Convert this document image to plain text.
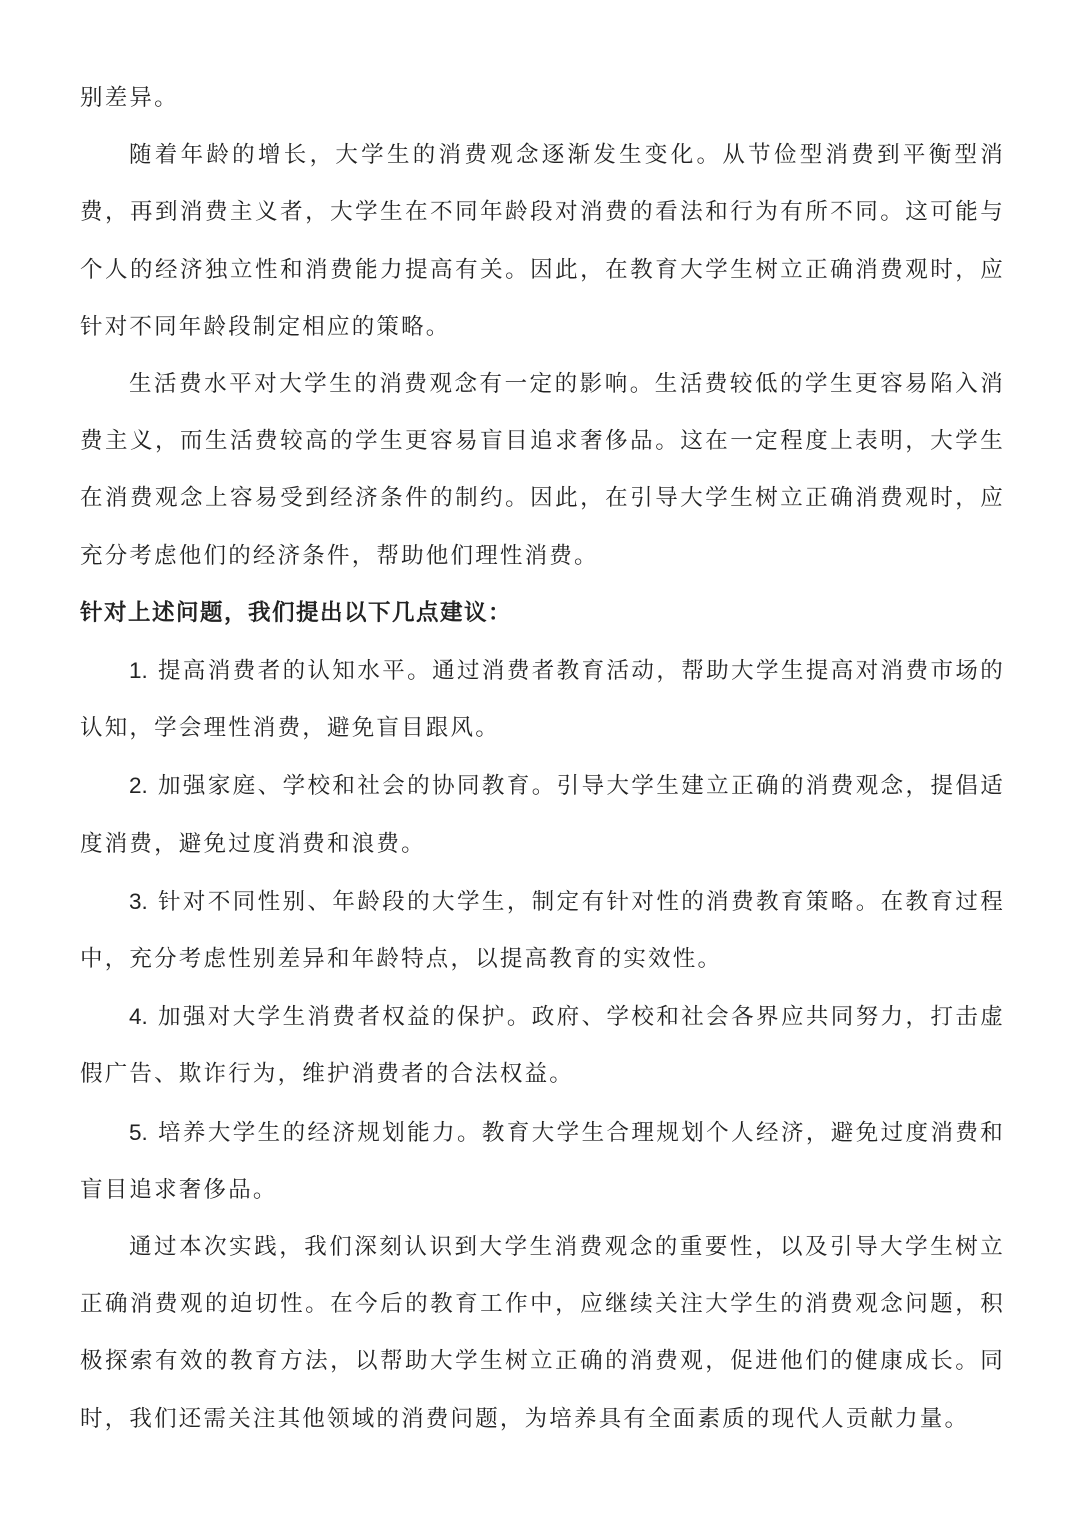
别差异。

随着年龄的增长，大学生的消费观念逐渐发生变化。从节俭型消费到平衡型消费，再到消费主义者，大学生在不同年龄段对消费的看法和行为有所不同。这可能与个人的经济独立性和消费能力提高有关。因此，在教育大学生树立正确消费观时，应针对不同年龄段制定相应的策略。

生活费水平对大学生的消费观念有一定的影响。生活费较低的学生更容易陷入消费主义，而生活费较高的学生更容易盲目追求奢侈品。这在一定程度上表明，大学生在消费观念上容易受到经济条件的制约。因此，在引导大学生树立正确消费观时，应充分考虑他们的经济条件，帮助他们理性消费。

针对上述问题，我们提出以下几点建议：

1. 提高消费者的认知水平。通过消费者教育活动，帮助大学生提高对消费市场的认知，学会理性消费，避免盲目跟风。

2. 加强家庭、学校和社会的协同教育。引导大学生建立正确的消费观念，提倡适度消费，避免过度消费和浪费。

3. 针对不同性别、年龄段的大学生，制定有针对性的消费教育策略。在教育过程中，充分考虑性别差异和年龄特点，以提高教育的实效性。

4. 加强对大学生消费者权益的保护。政府、学校和社会各界应共同努力，打击虚假广告、欺诈行为，维护消费者的合法权益。

5. 培养大学生的经济规划能力。教育大学生合理规划个人经济，避免过度消费和盲目追求奢侈品。

通过本次实践，我们深刻认识到大学生消费观念的重要性，以及引导大学生树立正确消费观的迫切性。在今后的教育工作中，应继续关注大学生的消费观念问题，积极探索有效的教育方法，以帮助大学生树立正确的消费观，促进他们的健康成长。同时，我们还需关注其他领域的消费问题，为培养具有全面素质的现代人贡献力量。
